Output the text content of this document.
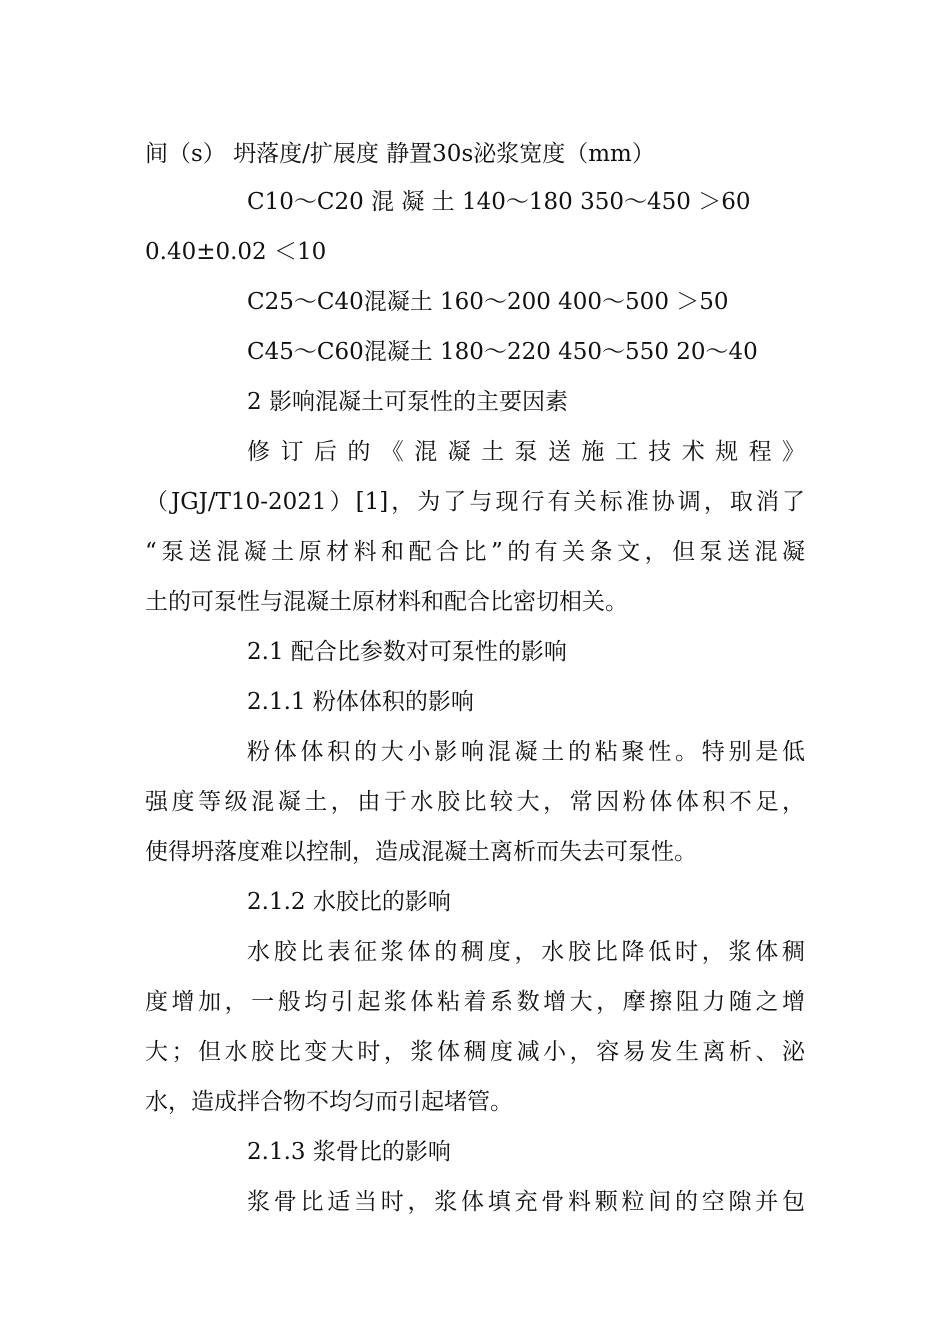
间（s） 坍落度/扩展度 静置30s泌浆宽度（mm）
C10～C20 混 凝 土 140～180 350～450 ＞60
0.40±0.02 ＜10
C25～C40混凝土 160～200 400～500 ＞50
C45～C60混凝土 180～220 450～550 20～40
2 影响混凝土可泵性的主要因素
修订后的《混凝土泵送施工技术规程》
（JGJ/T10-2021）[1]，为了与现行有关标准协调，取消了
“泵送混凝土原材料和配合比”的有关条文，但泵送混凝
土的可泵性与混凝土原材料和配合比密切相关。
2.1 配合比参数对可泵性的影响
2.1.1 粉体体积的影响
粉体体积的大小影响混凝土的粘聚性。特别是低
强度等级混凝土，由于水胶比较大，常因粉体体积不足，
使得坍落度难以控制，造成混凝土离析而失去可泵性。
2.1.2 水胶比的影响
水胶比表征浆体的稠度，水胶比降低时，浆体稠
度增加，一般均引起浆体粘着系数增大，摩擦阻力随之增
大；但水胶比变大时，浆体稠度减小，容易发生离析、泌
水，造成拌合物不均匀而引起堵管。
2.1.3 浆骨比的影响
浆骨比适当时，浆体填充骨料颗粒间的空隙并包
